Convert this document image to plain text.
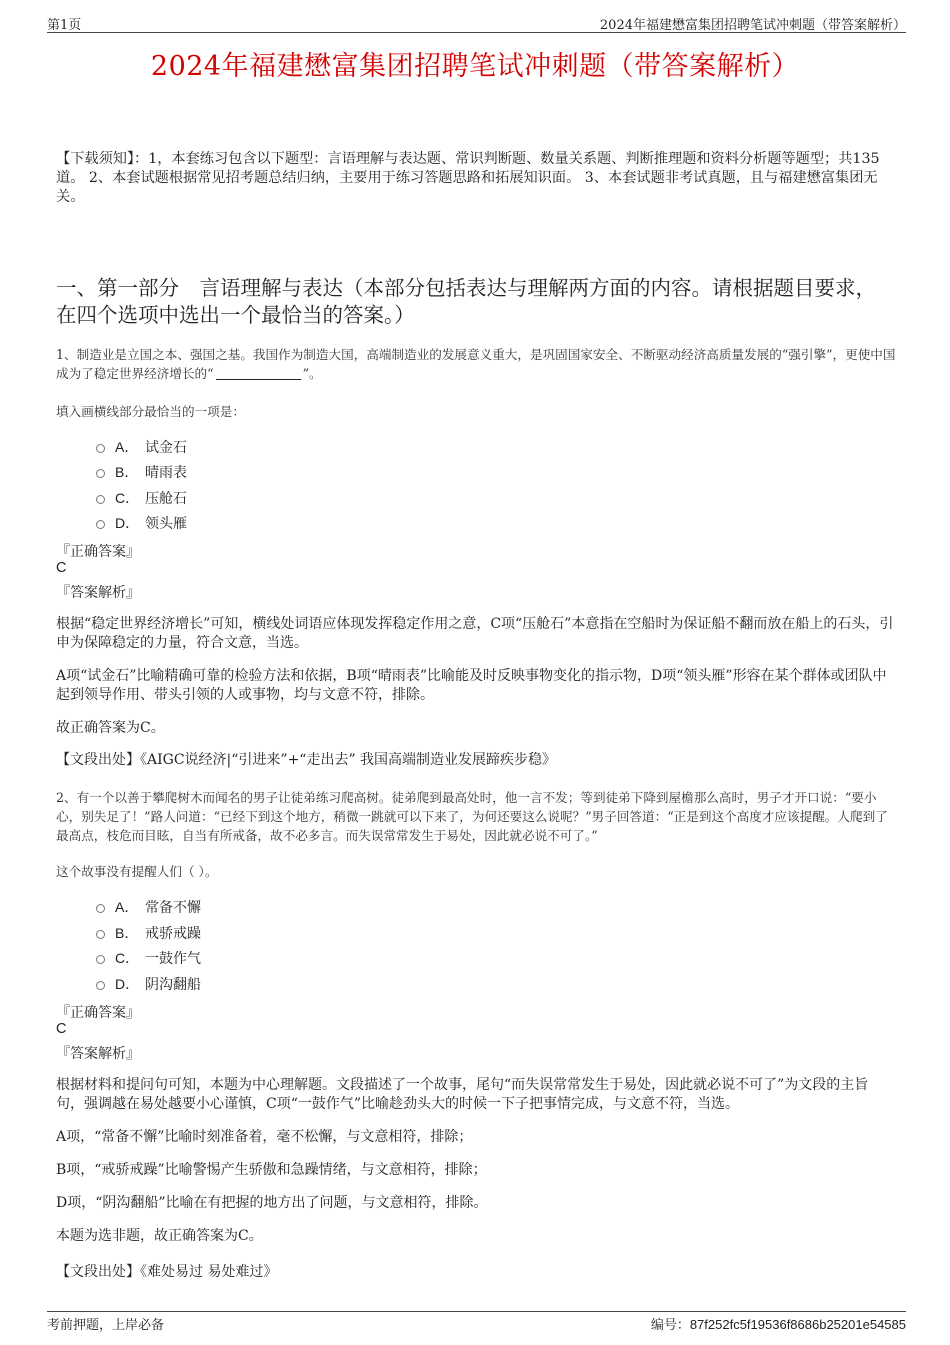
第1页	2024年福建懋富集团招聘笔试冲刺题（带答案解析）
2024年福建懋富集团招聘笔试冲刺题（带答案解析）
【下载须知】：1，本套练习包含以下题型：言语理解与表达题、常识判断题、数量关系题、判断推理题和资料分析题等题型；共135道。 2、本套试题根据常见招考题总结归纳，主要用于练习答题思路和拓展知识面。 3、本套试题非考试真题，且与福建懋富集团无关。
一、第一部分　言语理解与表达（本部分包括表达与理解两方面的内容。请根据题目要求，在四个选项中选出一个最恰当的答案。）
1、制造业是立国之本、强国之基。我国作为制造大国，高端制造业的发展意义重大，是巩固国家安全、不断驱动经济高质量发展的“强引擎”，更使中国成为了稳定世界经济增长的“	”。
填入画横线部分最恰当的一项是：
A． 试金石
B． 晴雨表
C． 压舱石
D． 领头雁
『正确答案』
C
『答案解析』
根据“稳定世界经济增长”可知，横线处词语应体现发挥稳定作用之意，C项“压舱石”本意指在空船时为保证船不翻而放在船上的石头，引申为保障稳定的力量，符合文意，当选。
A项“试金石”比喻精确可靠的检验方法和依据，B项“晴雨表”比喻能及时反映事物变化的指示物，D项“领头雁”形容在某个群体或团队中起到领导作用、带头引领的人或事物，均与文意不符，排除。
故正确答案为C。
【文段出处】《AIGC说经济|“引进来”+“走出去” 我国高端制造业发展蹄疾步稳》
2、有一个以善于攀爬树木而闻名的男子让徒弟练习爬高树。徒弟爬到最高处时，他一言不发；等到徒弟下降到屋檐那么高时，男子才开口说：“要小心，别失足了！”路人问道：“已经下到这个地方，稍微一跳就可以下来了，为何还要这么说呢？”男子回答道：“正是到这个高度才应该提醒。人爬到了最高点，枝危而目眩，自当有所戒备，故不必多言。而失误常常发生于易处，因此就必说不可了。”
这个故事没有提醒人们（ ）。
A． 常备不懈
B． 戒骄戒躁
C． 一鼓作气
D． 阴沟翻船
『正确答案』
C
『答案解析』
根据材料和提问句可知，本题为中心理解题。文段描述了一个故事，尾句“而失误常常发生于易处，因此就必说不可了”为文段的主旨句，强调越在易处越要小心谨慎，C项“一鼓作气”比喻趁劲头大的时候一下子把事情完成，与文意不符，当选。
A项，“常备不懈”比喻时刻准备着，毫不松懈，与文意相符，排除；
B项，“戒骄戒躁”比喻警惕产生骄傲和急躁情绪，与文意相符，排除；
D项，“阴沟翻船”比喻在有把握的地方出了问题，与文意相符，排除。
本题为选非题，故正确答案为C。
【文段出处】《难处易过 易处难过》
考前押题，上岸必备	编号：87f252fc5f19536f8686b25201e54585
